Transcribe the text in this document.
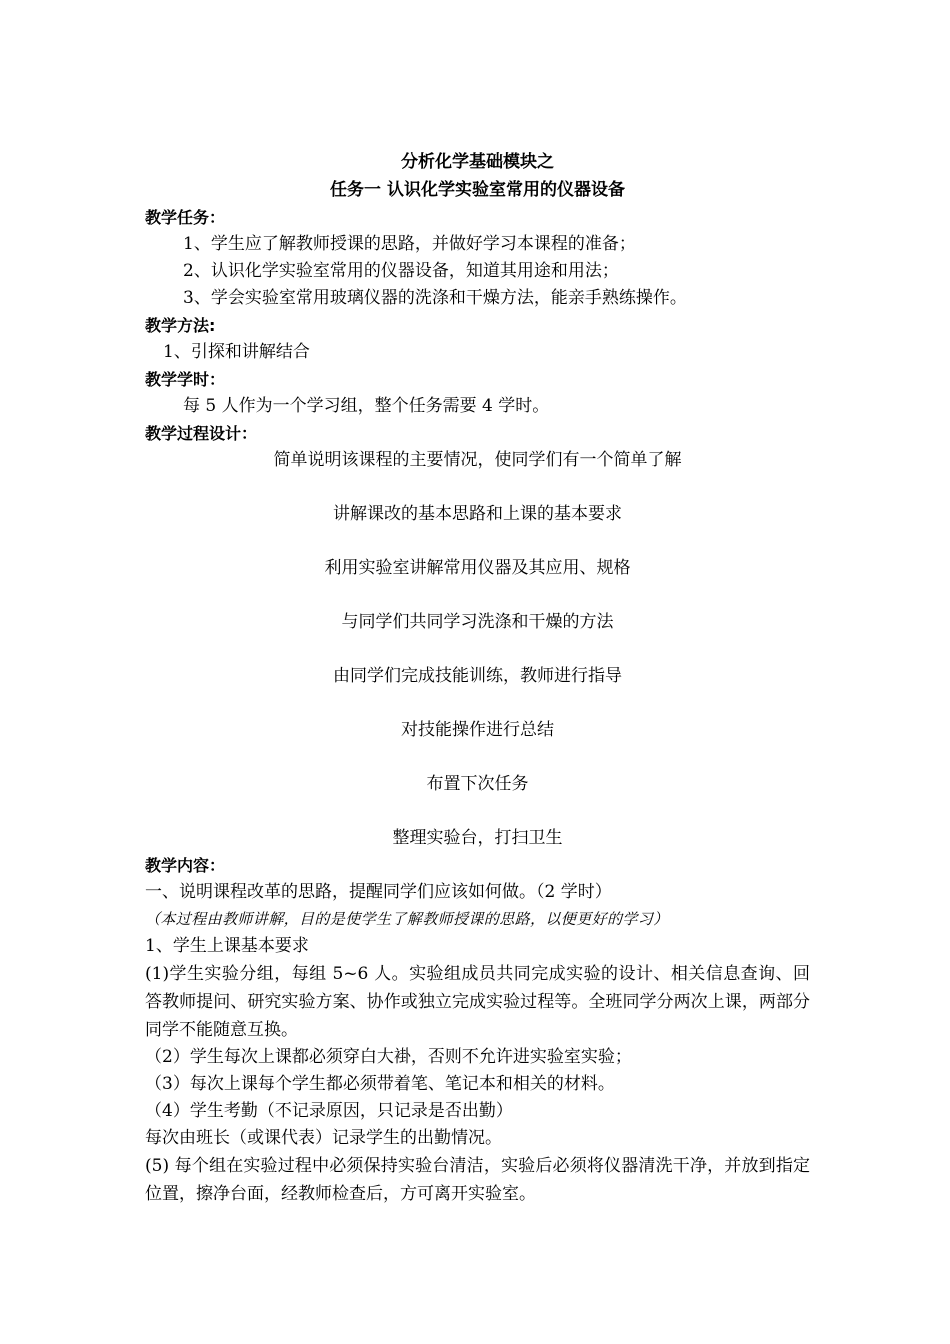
分析化学基础模块之
任务一 认识化学实验室常用的仪器设备
教学任务：
1、学生应了解教师授课的思路，并做好学习本课程的准备；
2、认识化学实验室常用的仪器设备，知道其用途和用法；
3、学会实验室常用玻璃仪器的洗涤和干燥方法，能亲手熟练操作。
教学方法:
1、引探和讲解结合
教学学时：
每 5 人作为一个学习组，整个任务需要 4 学时。
教学过程设计：
简单说明该课程的主要情况，使同学们有一个简单了解
讲解课改的基本思路和上课的基本要求
利用实验室讲解常用仪器及其应用、规格
与同学们共同学习洗涤和干燥的方法
由同学们完成技能训练，教师进行指导
对技能操作进行总结
布置下次任务
整理实验台，打扫卫生
教学内容：
一、说明课程改革的思路，提醒同学们应该如何做。（2 学时）
（本过程由教师讲解，目的是使学生了解教师授课的思路，以便更好的学习）
1、学生上课基本要求
(1)学生实验分组，每组 5~6 人。实验组成员共同完成实验的设计、相关信息查询、回答教师提问、研究实验方案、协作或独立完成实验过程等。全班同学分两次上课，两部分同学不能随意互换。
（2）学生每次上课都必须穿白大褂，否则不允许进实验室实验；
（3）每次上课每个学生都必须带着笔、笔记本和相关的材料。
（4）学生考勤（不记录原因，只记录是否出勤）
每次由班长（或课代表）记录学生的出勤情况。
(5) 每个组在实验过程中必须保持实验台清洁，实验后必须将仪器清洗干净，并放到指定位置，擦净台面，经教师检查后，方可离开实验室。
